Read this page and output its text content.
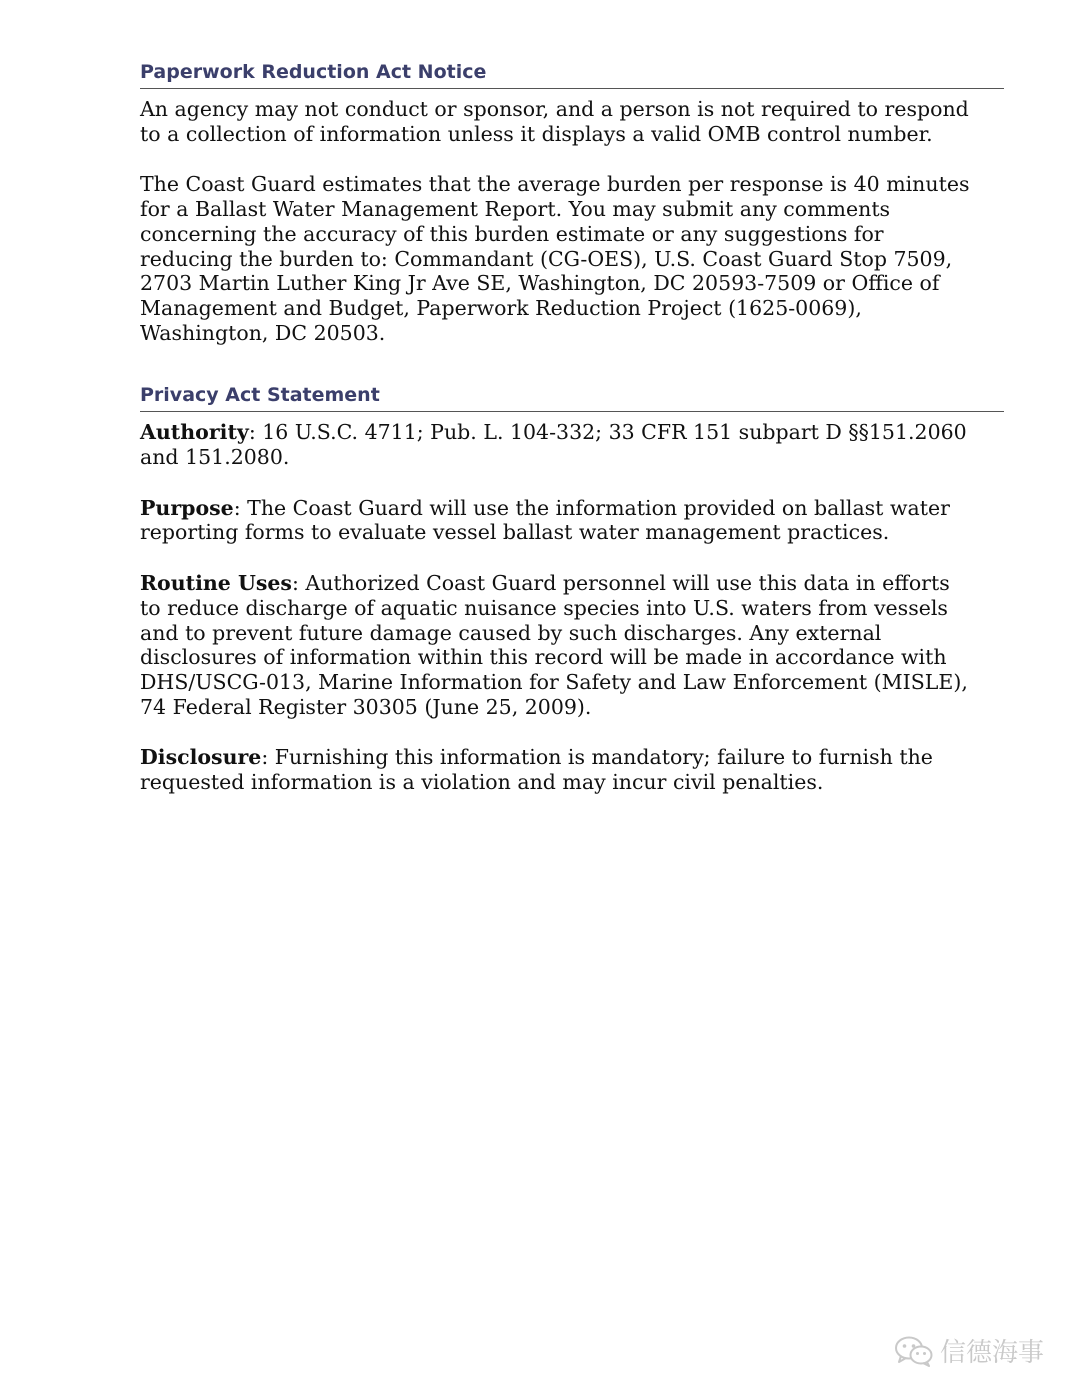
Paperwork Reduction Act Notice

An agency may not conduct or sponsor, and a person is not required to respond
to a collection of information unless it displays a valid OMB control number.

The Coast Guard estimates that the average burden per response is 40 minutes
for a Ballast Water Management Report. You may submit any comments
concerning the accuracy of this burden estimate or any suggestions for
reducing the burden to: Commandant (CG-OES), U.S. Coast Guard Stop 7509,
2703 Martin Luther King Jr Ave SE, Washington, DC 20593-7509 or Office of
Management and Budget, Paperwork Reduction Project (1625-0069),
Washington, DC 20503.

Privacy Act Statement

Authority: 16 U.S.C. 4711; Pub. L. 104-332; 33 CFR 151 subpart D §§151.2060
and 151.2080.

Purpose: The Coast Guard will use the information provided on ballast water
reporting forms to evaluate vessel ballast water management practices.

Routine Uses: Authorized Coast Guard personnel will use this data in efforts
to reduce discharge of aquatic nuisance species into U.S. waters from vessels
and to prevent future damage caused by such discharges. Any external
disclosures of information within this record will be made in accordance with
DHS/USCG-013, Marine Information for Safety and Law Enforcement (MISLE),
74 Federal Register 30305 (June 25, 2009).

Disclosure: Furnishing this information is mandatory; failure to furnish the
requested information is a violation and may incur civil penalties.

信德海事
